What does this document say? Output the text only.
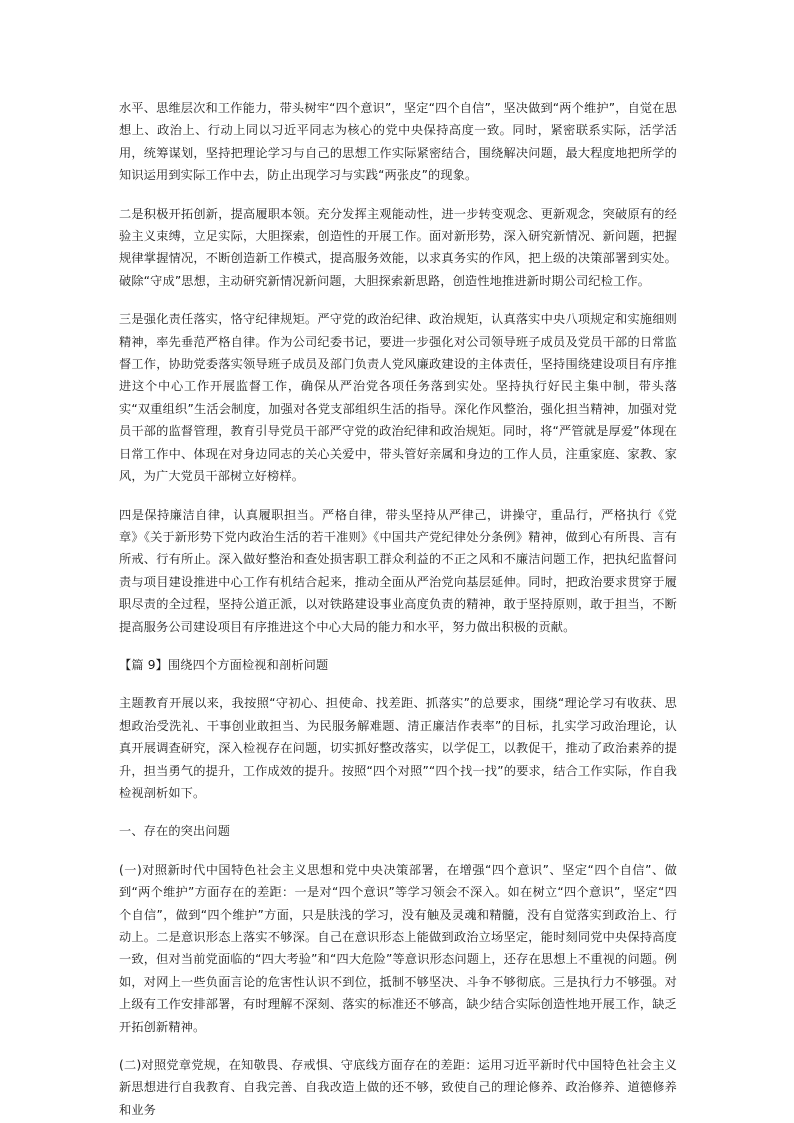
水平、思维层次和工作能力，带头树牢“四个意识”，坚定“四个自信”，坚决做到“两个维护”，自觉在思想上、政治上、行动上同以习近平同志为核心的党中央保持高度一致。同时，紧密联系实际，活学活用，统筹谋划，坚持把理论学习与自己的思想工作实际紧密结合，围绕解决问题，最大程度地把所学的知识运用到实际工作中去，防止出现学习与实践“两张皮”的现象。

二是积极开拓创新，提高履职本领。充分发挥主观能动性，进一步转变观念、更新观念，突破原有的经验主义束缚，立足实际，大胆探索，创造性的开展工作。面对新形势，深入研究新情况、新问题，把握规律掌握情况，不断创造新工作模式，提高服务效能，以求真务实的作风，把上级的决策部署到实处。破除“守成”思想，主动研究新情况新问题，大胆探索新思路，创造性地推进新时期公司纪检工作。

三是强化责任落实，恪守纪律规矩。严守党的政治纪律、政治规矩，认真落实中央八项规定和实施细则精神，率先垂范严格自律。作为公司纪委书记，要进一步强化对公司领导班子成员及党员干部的日常监督工作，协助党委落实领导班子成员及部门负责人党风廉政建设的主体责任，坚持围绕建设项目有序推进这个中心工作开展监督工作，确保从严治党各项任务落到实处。坚持执行好民主集中制，带头落实“双重组织”生活会制度，加强对各党支部组织生活的指导。深化作风整治，强化担当精神，加强对党员干部的监督管理，教育引导党员干部严守党的政治纪律和政治规矩。同时，将“严管就是厚爱”体现在日常工作中、体现在对身边同志的关心关爱中，带头管好亲属和身边的工作人员，注重家庭、家教、家风，为广大党员干部树立好榜样。

四是保持廉洁自律，认真履职担当。严格自律，带头坚持从严律己，讲操守，重品行，严格执行《党章》《关于新形势下党内政治生活的若干准则》《中国共产党纪律处分条例》精神，做到心有所畏、言有所戒、行有所止。深入做好整治和查处损害职工群众利益的不正之风和不廉洁问题工作，把执纪监督问责与项目建设推进中心工作有机结合起来，推动全面从严治党向基层延伸。同时，把政治要求贯穿于履职尽责的全过程，坚持公道正派，以对铁路建设事业高度负责的精神，敢于坚持原则，敢于担当，不断提高服务公司建设项目有序推进这个中心大局的能力和水平，努力做出积极的贡献。

【篇 9】围绕四个方面检视和剖析问题

主题教育开展以来，我按照“守初心、担使命、找差距、抓落实”的总要求，围绕“理论学习有收获、思想政治受洗礼、干事创业敢担当、为民服务解难题、清正廉洁作表率”的目标，扎实学习政治理论，认真开展调查研究，深入检视存在问题，切实抓好整改落实，以学促工，以教促干，推动了政治素养的提升，担当勇气的提升，工作成效的提升。按照“四个对照”“四个找一找”的要求，结合工作实际，作自我检视剖析如下。

一、存在的突出问题

(一)对照新时代中国特色社会主义思想和党中央决策部署，在增强“四个意识”、坚定“四个自信”、做到“两个维护”方面存在的差距：一是对“四个意识”等学习领会不深入。如在树立“四个意识”，坚定“四个自信”，做到“四个维护”方面，只是肤浅的学习，没有触及灵魂和精髓，没有自觉落实到政治上、行动上。二是意识形态上落实不够深。自己在意识形态上能做到政治立场坚定，能时刻同党中央保持高度一致，但对当前党面临的“四大考验”和“四大危险”等意识形态问题上，还存在思想上不重视的问题。例如，对网上一些负面言论的危害性认识不到位，抵制不够坚决、斗争不够彻底。三是执行力不够强。对上级有工作安排部署，有时理解不深刻、落实的标准还不够高，缺少结合实际创造性地开展工作，缺乏开拓创新精神。

(二)对照党章党规，在知敬畏、存戒惧、守底线方面存在的差距：运用习近平新时代中国特色社会主义新思想进行自我教育、自我完善、自我改造上做的还不够，致使自己的理论修养、政治修养、道德修养和业务
